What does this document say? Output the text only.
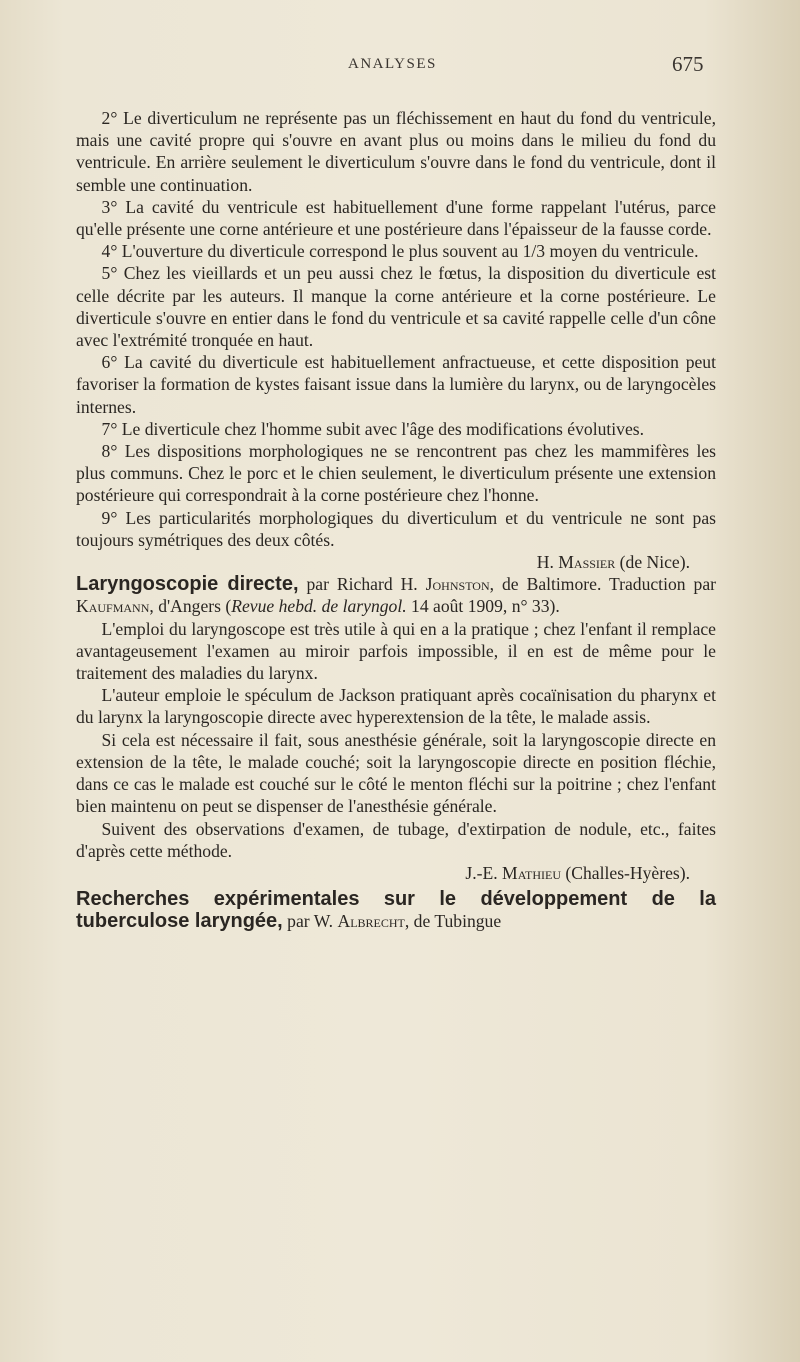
ANALYSES	675

2° Le diverticulum ne représente pas un fléchissement en haut du fond du ventricule, mais une cavité propre qui s'ouvre en avant plus ou moins dans le milieu du fond du ventricule. En arrière seulement le diverticulum s'ouvre dans le fond du ventricule, dont il semble une continuation.

3° La cavité du ventricule est habituellement d'une forme rappelant l'utérus, parce qu'elle présente une corne antérieure et une postérieure dans l'épaisseur de la fausse corde.

4° L'ouverture du diverticule correspond le plus souvent au 1/3 moyen du ventricule.

5° Chez les vieillards et un peu aussi chez le fœtus, la disposition du diverticule est celle décrite par les auteurs. Il manque la corne antérieure et la corne postérieure. Le diverticule s'ouvre en entier dans le fond du ventricule et sa cavité rappelle celle d'un cône avec l'extrémité tronquée en haut.

6° La cavité du diverticule est habituellement anfractueuse, et cette disposition peut favoriser la formation de kystes faisant issue dans la lumière du larynx, ou de laryngocèles internes.

7° Le diverticule chez l'homme subit avec l'âge des modifications évolutives.

8° Les dispositions morphologiques ne se rencontrent pas chez les mammifères les plus communs. Chez le porc et le chien seulement, le diverticulum présente une extension postérieure qui correspondrait à la corne postérieure chez l'honne.

9° Les particularités morphologiques du diverticulum et du ventricule ne sont pas toujours symétriques des deux côtés.

H. Massier (de Nice).

Laryngoscopie directe, par Richard H. Johnston, de Baltimore. Traduction par Kaufmann, d'Angers (Revue hebd. de laryngol. 14 août 1909, n° 33).

L'emploi du laryngoscope est très utile à qui en a la pratique ; chez l'enfant il remplace avantageusement l'examen au miroir parfois impossible, il en est de même pour le traitement des maladies du larynx.

L'auteur emploie le spéculum de Jackson pratiquant après cocaïnisation du pharynx et du larynx la laryngoscopie directe avec hyperextension de la tête, le malade assis.

Si cela est nécessaire il fait, sous anesthésie générale, soit la laryngoscopie directe en extension de la tête, le malade couché; soit la laryngoscopie directe en position fléchie, dans ce cas le malade est couché sur le côté le menton fléchi sur la poitrine ; chez l'enfant bien maintenu on peut se dispenser de l'anesthésie générale.

Suivent des observations d'examen, de tubage, d'extirpation de nodule, etc., faites d'après cette méthode.

J.-E. Mathieu (Challes-Hyères).

Recherches expérimentales sur le développement de la tuberculose laryngée, par W. Albrecht, de Tubingue
